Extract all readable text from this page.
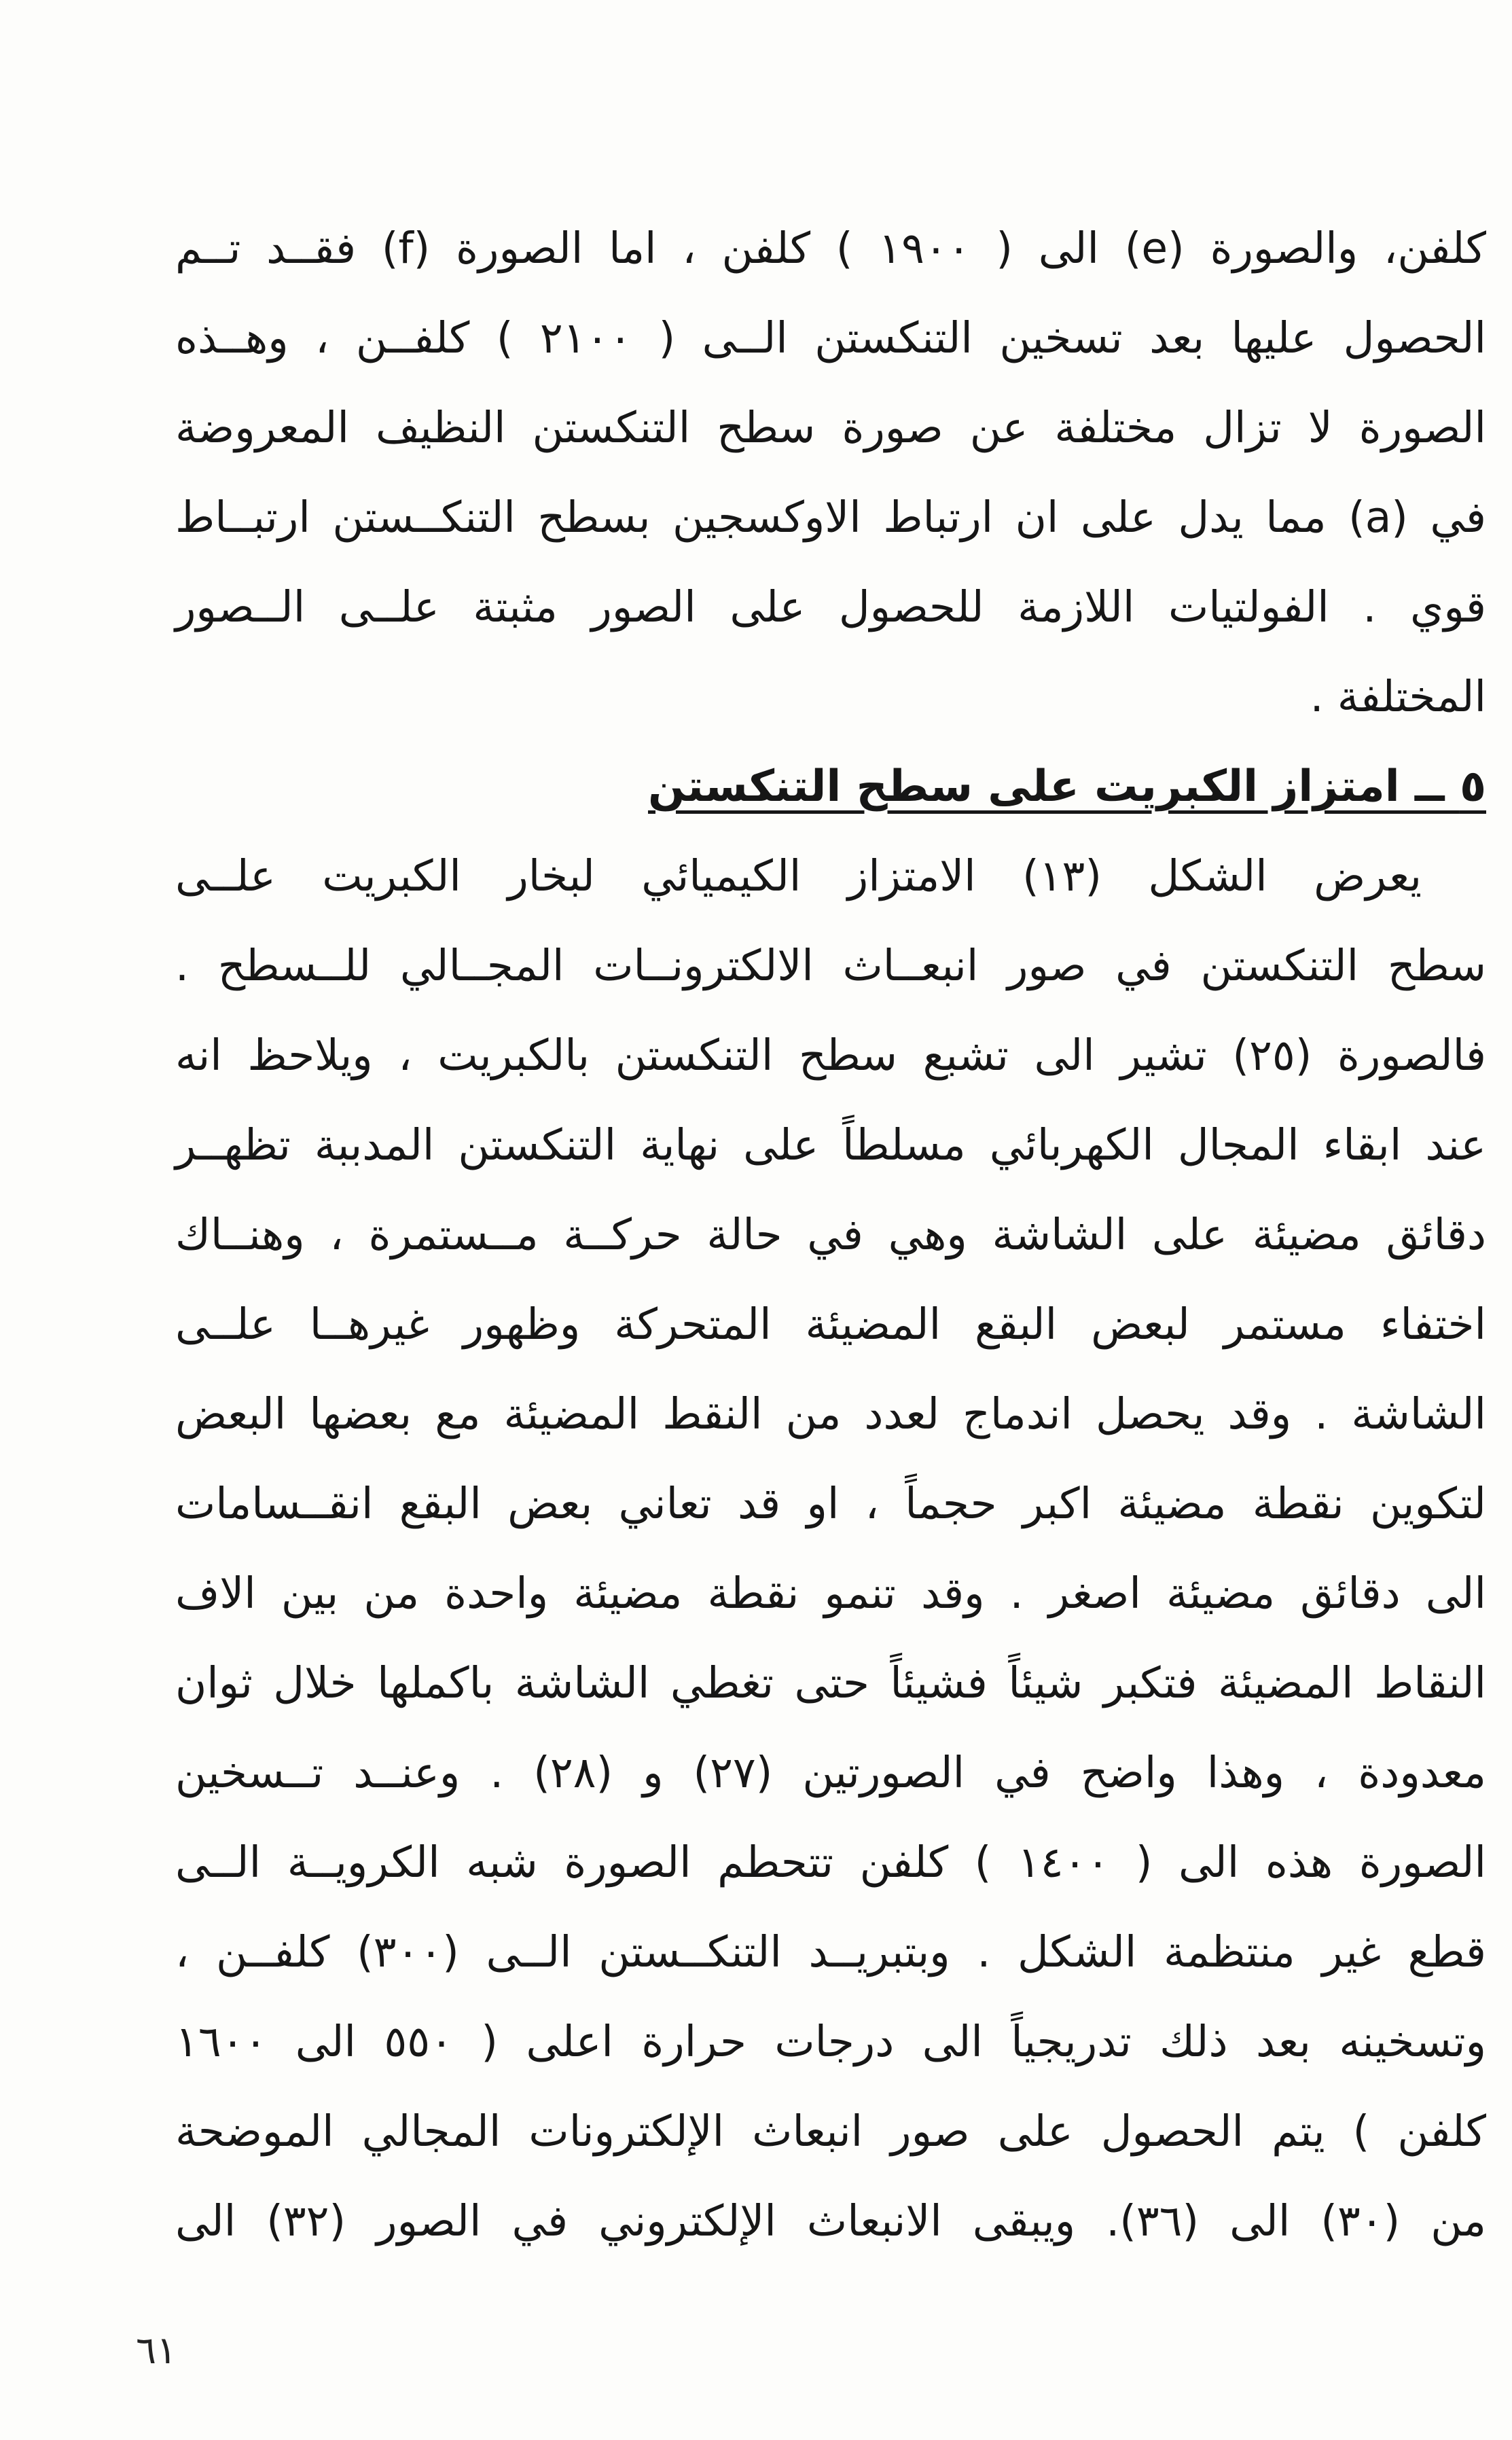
كلفن، والصورة (e) الى ( ١٩٠٠ ) كلفن ، اما الصورة (f) فقــد تــم
الحصول عليها بعد تسخين التنكستن الــى ( ٢١٠٠ ) كلفــن ، وهــذه
الصورة لا تزال مختلفة عن صورة سطح التنكستن النظيف المعروضة
في (a) مما يدل على ان ارتباط الاوكسجين بسطح التنكــستن ارتبــاط
قوي . الفولتيات اللازمة للحصول على الصور مثبتة علــى الــصور
المختلفة .
٥ ــ امتزاز الكبريت على سطح التنكستن
يعرض الشكل (١٣) الامتزاز الكيميائي لبخار الكبريت علــى
سطح التنكستن في صور انبعــاث الالكترونــات المجــالي للــسطح .
فالصورة (٢٥) تشير الى تشبع سطح التنكستن بالكبريت ، ويلاحظ انه
عند ابقاء المجال الكهربائي مسلطاً على نهاية التنكستن المدببة تظهــر
دقائق مضيئة على الشاشة وهي في حالة حركــة مــستمرة ، وهنــاك
اختفاء مستمر لبعض البقع المضيئة المتحركة وظهور غيرهــا علــى
الشاشة . وقد يحصل اندماج لعدد من النقط المضيئة مع بعضها البعض
لتكوين نقطة مضيئة اكبر حجماً ، او قد تعاني بعض البقع انقــسامات
الى دقائق مضيئة اصغر . وقد تنمو نقطة مضيئة واحدة من بين الاف
النقاط المضيئة فتكبر شيئاً فشيئاً حتى تغطي الشاشة باكملها خلال ثوان
معدودة ، وهذا واضح في الصورتين (٢٧) و (٢٨) . وعنــد تــسخين
الصورة هذه الى ( ١٤٠٠ ) كلفن تتحطم الصورة شبه الكرويــة الــى
قطع غير منتظمة الشكل . وبتبريــد التنكــستن الــى (٣٠٠) كلفــن ،
وتسخينه بعد ذلك تدريجياً الى درجات حرارة اعلى ( ٥٥٠ الى ١٦٠٠
كلفن ) يتم الحصول على صور انبعاث الإلكترونات المجالي الموضحة
من (٣٠) الى (٣٦). ويبقى الانبعاث الإلكتروني في الصور (٣٢) الى
٦١
